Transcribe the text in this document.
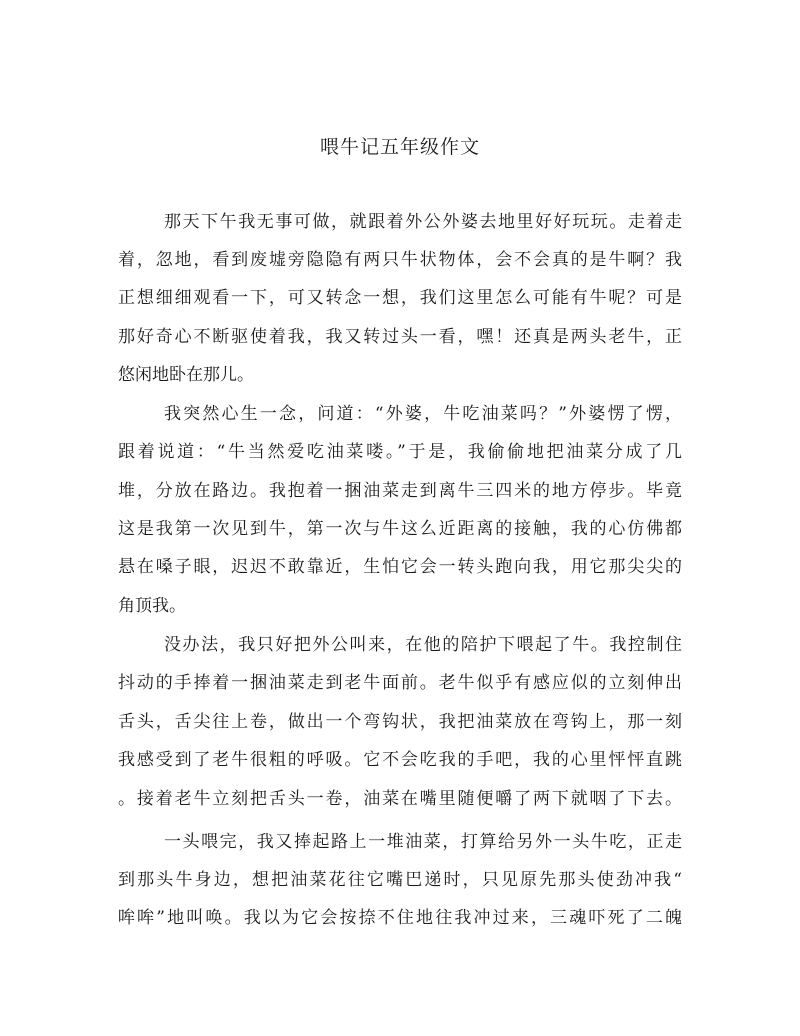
喂牛记五年级作文
那天下午我无事可做，就跟着外公外婆去地里好好玩玩。走着走
着，忽地，看到废墟旁隐隐有两只牛状物体，会不会真的是牛啊？我
正想细细观看一下，可又转念一想，我们这里怎么可能有牛呢？可是
那好奇心不断驱使着我，我又转过头一看，嘿！还真是两头老牛，正
悠闲地卧在那儿。
我突然心生一念，问道：“外婆，牛吃油菜吗？”外婆愣了愣，
跟着说道：“牛当然爱吃油菜喽。”于是，我偷偷地把油菜分成了几
堆，分放在路边。我抱着一捆油菜走到离牛三四米的地方停步。毕竟
这是我第一次见到牛，第一次与牛这么近距离的接触，我的心仿佛都
悬在嗓子眼，迟迟不敢靠近，生怕它会一转头跑向我，用它那尖尖的
角顶我。
没办法，我只好把外公叫来，在他的陪护下喂起了牛。我控制住
抖动的手捧着一捆油菜走到老牛面前。老牛似乎有感应似的立刻伸出
舌头，舌尖往上卷，做出一个弯钩状，我把油菜放在弯钩上，那一刻
我感受到了老牛很粗的呼吸。它不会吃我的手吧，我的心里怦怦直跳
。接着老牛立刻把舌头一卷，油菜在嘴里随便嚼了两下就咽了下去。
一头喂完，我又捧起路上一堆油菜，打算给另外一头牛吃，正走
到那头牛身边，想把油菜花往它嘴巴递时，只见原先那头使劲冲我“
哞哞”地叫唤。我以为它会按捺不住地往我冲过来，三魂吓死了二魄
